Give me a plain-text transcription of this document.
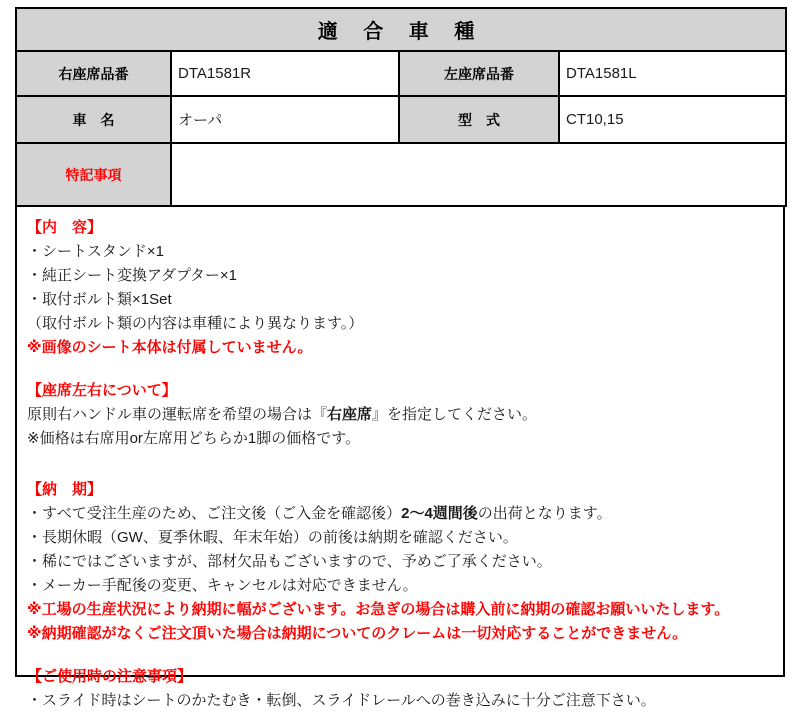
適 合 車 種			
右座席品番	DTA1581R	左座席品番	DTA1581L
車　名	オーパ	型　式	CT10,15
特記事項			
【内　容】
・シートスタンド×1
・純正シート変換アダプター×1
・取付ボルト類×1Set
（取付ボルト類の内容は車種により異なります。）
※画像のシート本体は付属していません。
【座席左右について】
原則右ハンドル車の運転席を希望の場合は『右座席』を指定してください。
※価格は右席用or左席用どちらか1脚の価格です。
【納　期】
・すべて受注生産のため、ご注文後（ご入金を確認後）2～4週間後の出荷となります。
・長期休暇（GW、夏季休暇、年末年始）の前後は納期を確認ください。
・稀にではございますが、部材欠品もございますので、予めご了承ください。
・メーカー手配後の変更、キャンセルは対応できません。
※工場の生産状況により納期に幅がございます。お急ぎの場合は購入前に納期の確認お願いいたします。
※納期確認がなくご注文頂いた場合は納期についてのクレームは一切対応することができません。
【ご使用時の注意事項】
・スライド時はシートのかたむき・転倒、スライドレールへの巻き込みに十分ご注意下さい。
